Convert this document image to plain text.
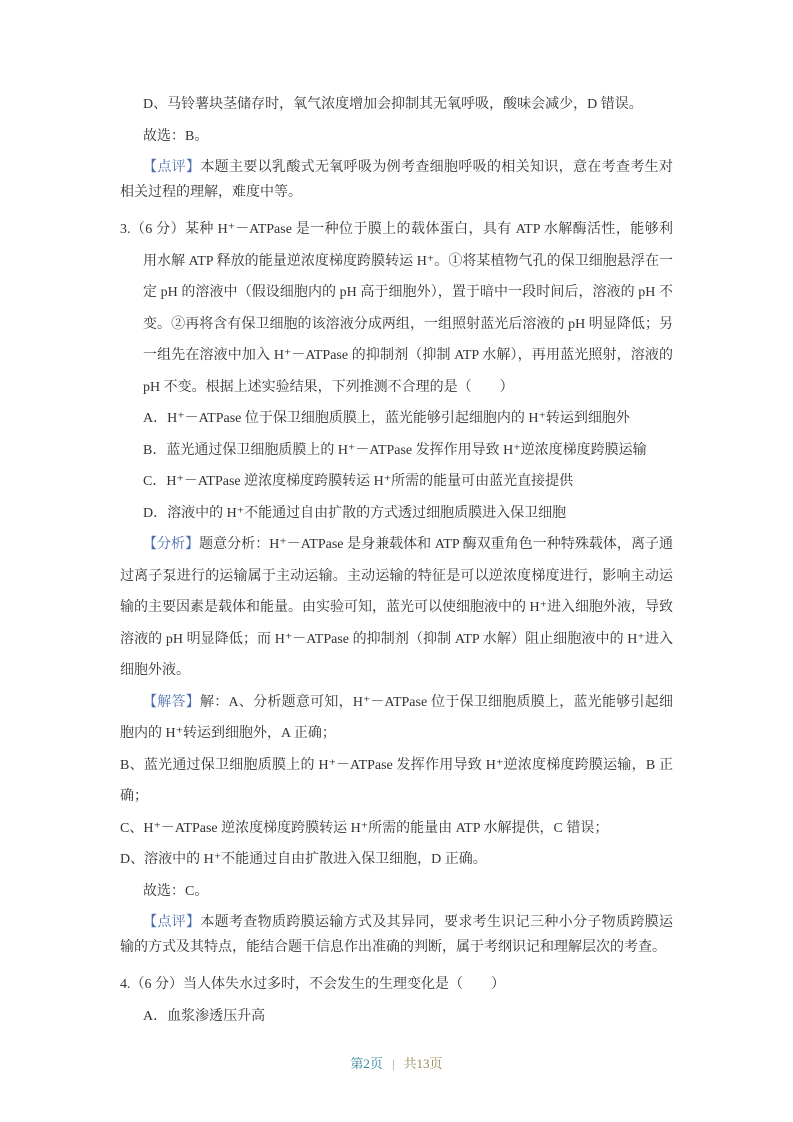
D、马铃薯块茎储存时，氧气浓度增加会抑制其无氧呼吸，酸味会减少，D 错误。

故选：B。

【点评】本题主要以乳酸式无氧呼吸为例考查细胞呼吸的相关知识，意在考查考生对相关过程的理解，难度中等。

3.（6 分）某种 H⁺－ATPase 是一种位于膜上的载体蛋白，具有 ATP 水解酶活性，能够利用水解 ATP 释放的能量逆浓度梯度跨膜转运 H⁺。①将某植物气孔的保卫细胞悬浮在一定 pH 的溶液中（假设细胞内的 pH 高于细胞外），置于暗中一段时间后，溶液的 pH 不变。②再将含有保卫细胞的该溶液分成两组，一组照射蓝光后溶液的 pH 明显降低；另一组先在溶液中加入 H⁺－ATPase 的抑制剂（抑制 ATP 水解），再用蓝光照射，溶液的 pH 不变。根据上述实验结果，下列推测不合理的是（　　）

A．H⁺－ATPase 位于保卫细胞质膜上，蓝光能够引起细胞内的 H⁺转运到细胞外

B．蓝光通过保卫细胞质膜上的 H⁺－ATPase 发挥作用导致 H⁺逆浓度梯度跨膜运输

C．H⁺－ATPase 逆浓度梯度跨膜转运 H⁺所需的能量可由蓝光直接提供

D．溶液中的 H⁺不能通过自由扩散的方式透过细胞质膜进入保卫细胞

【分析】题意分析：H⁺－ATPase 是身兼载体和 ATP 酶双重角色一种特殊载体，离子通过离子泵进行的运输属于主动运输。主动运输的特征是可以逆浓度梯度进行，影响主动运输的主要因素是载体和能量。由实验可知，蓝光可以使细胞液中的 H⁺进入细胞外液，导致溶液的 pH 明显降低；而 H⁺－ATPase 的抑制剂（抑制 ATP 水解）阻止细胞液中的 H⁺进入细胞外液。

【解答】解：A、分析题意可知，H⁺－ATPase 位于保卫细胞质膜上，蓝光能够引起细胞内的 H⁺转运到细胞外，A 正确；

B、蓝光通过保卫细胞质膜上的 H⁺－ATPase 发挥作用导致 H⁺逆浓度梯度跨膜运输，B 正确；

C、H⁺－ATPase 逆浓度梯度跨膜转运 H⁺所需的能量由 ATP 水解提供，C 错误；

D、溶液中的 H⁺不能通过自由扩散进入保卫细胞，D 正确。

故选：C。

【点评】本题考查物质跨膜运输方式及其异同，要求考生识记三种小分子物质跨膜运输的方式及其特点，能结合题干信息作出准确的判断，属于考纲识记和理解层次的考查。

4.（6 分）当人体失水过多时，不会发生的生理变化是（　　）

A．血浆渗透压升高

第2页 | 共13页
